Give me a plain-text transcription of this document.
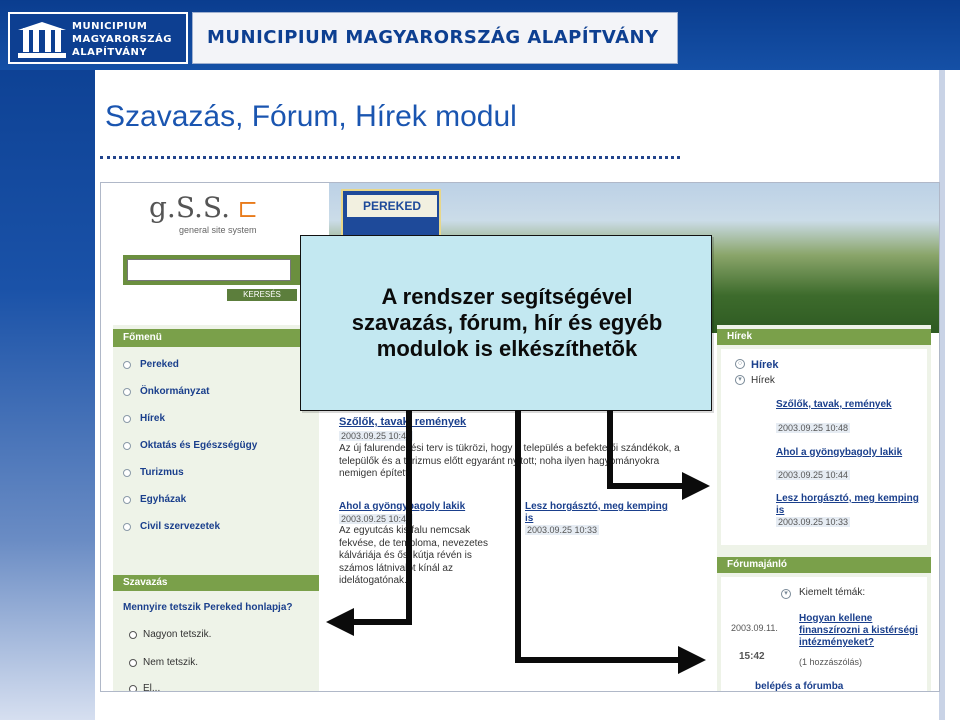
MUNICIPIUM
MAGYARORSZÁG
ALAPÍTVÁNY
MUNICIPIUM MAGYARORSZÁG ALAPÍTVÁNY
Szavazás, Fórum, Hírek modul
g.S.S. ⊏
general site system
KERESÉS
PEREKED
Főmenü
Pereked
Önkormányzat
Hírek
Oktatás és Egészségügy
Turizmus
Egyházak
Civil szervezetek
Szavazás
Mennyire tetszik Pereked honlapja?
Nagyon tetszik.
Nem tetszik.
El...
Szőlők, tavak, remények
2003.09.25 10:48
Az új falurendezési terv is tükrözi, hogy a település a befektetői szándékok, a települők és a turizmus előtt egyaránt nyitott; noha ilyen hagyományokra nemigen épített.
Ahol a gyöngybagoly lakik
2003.09.25 10:44
Az egyutcás kis falu nemcsak fekvése, de temploma, nevezetes kálváriája és ősi kútja révén is számos látnivalót kínál az idelátogatónak.
Lesz horgásztó, meg kemping is
2003.09.25 10:33
Hírek
○ Hírek
▾ Hírek
Szőlők, tavak, remények
2003.09.25 10:48
Ahol a gyöngybagoly lakik
2003.09.25 10:44
Lesz horgásztó, meg kemping is
2003.09.25 10:33
Fórumajánló
▾	Kiemelt témák:
2003.09.11.
15:42
Hogyan kellene finanszírozni a kistérségi intézményeket?
(1 hozzászólás)
belépés a fórumba
A rendszer segítségével
szavazás, fórum, hír és egyéb
modulok is elkészíthetõk
